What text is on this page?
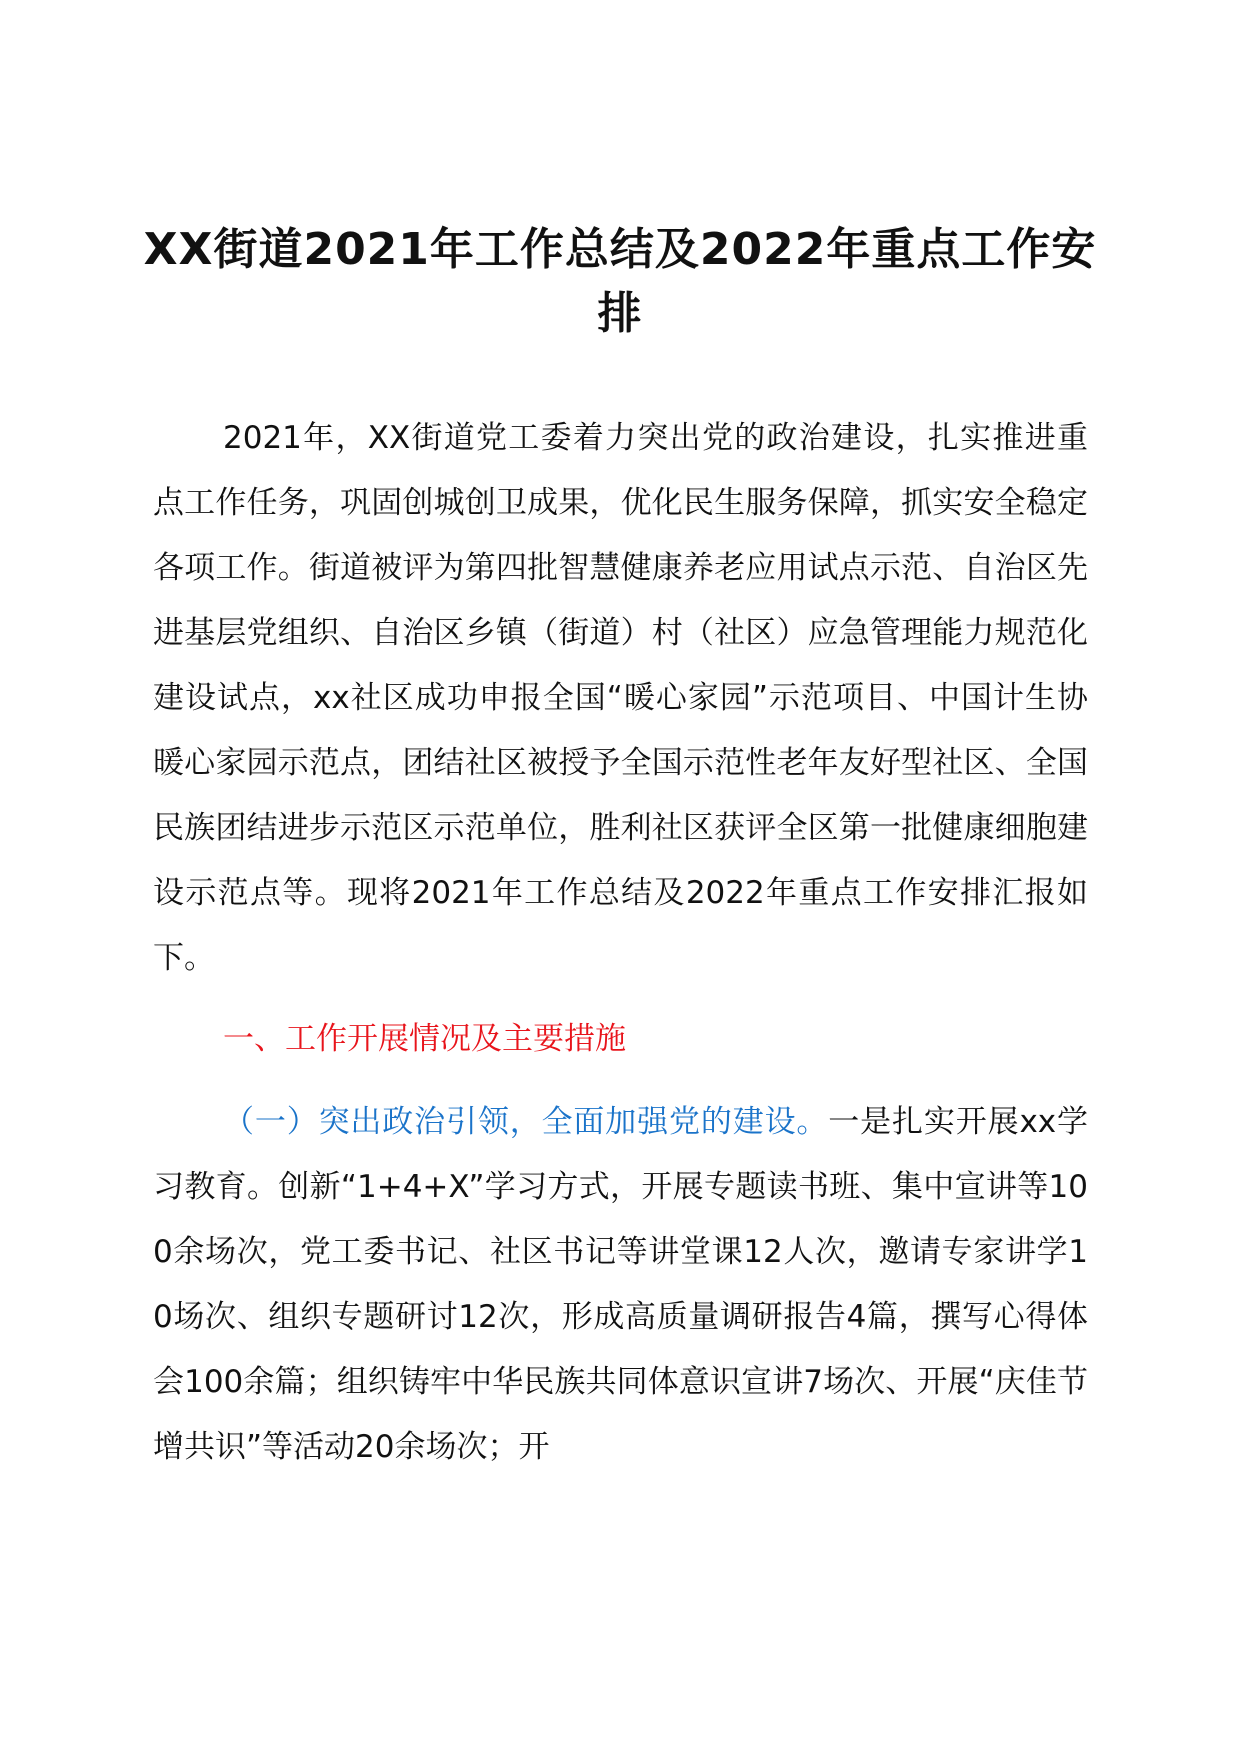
XX街道2021年工作总结及2022年重点工作安排

2021年，XX街道党工委着力突出党的政治建设，扎实推进重点工作任务，巩固创城创卫成果，优化民生服务保障，抓实安全稳定各项工作。街道被评为第四批智慧健康养老应用试点示范、自治区先进基层党组织、自治区乡镇（街道）村（社区）应急管理能力规范化建设试点，xx社区成功申报全国“暖心家园”示范项目、中国计生协暖心家园示范点，团结社区被授予全国示范性老年友好型社区、全国民族团结进步示范区示范单位，胜利社区获评全区第一批健康细胞建设示范点等。现将2021年工作总结及2022年重点工作安排汇报如下。

一、工作开展情况及主要措施

（一）突出政治引领，全面加强党的建设。一是扎实开展xx学习教育。创新“1+4+X”学习方式，开展专题读书班、集中宣讲等100余场次，党工委书记、社区书记等讲堂课12人次，邀请专家讲学10场次、组织专题研讨12次，形成高质量调研报告4篇，撰写心得体会100余篇；组织铸牢中华民族共同体意识宣讲7场次、开展“庆佳节增共识”等活动20余场次；开
